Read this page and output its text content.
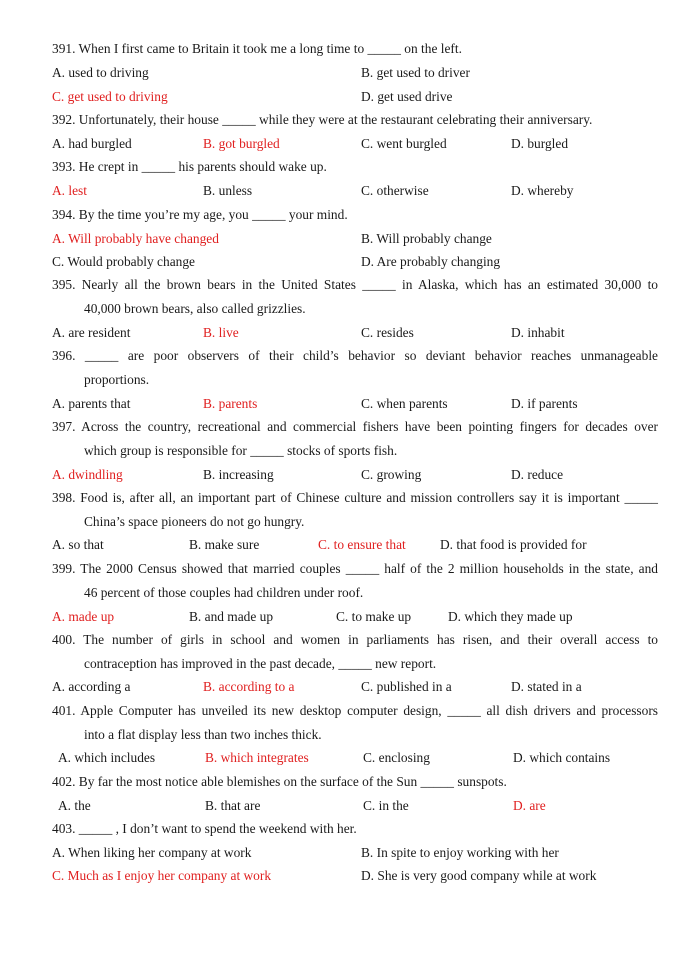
391. When I first came to Britain it took me a long time to _____ on the left.
A. used to driving	B. get used to driver
C. get used to driving	D. get used drive
392. Unfortunately, their house _____ while they were at the restaurant celebrating their anniversary.
A. had burgled	B. got burgled	C. went burgled	D. burgled
393. He crept in _____ his parents should wake up.
A. lest	B. unless	C. otherwise	D. whereby
394. By the time you’re my age, you _____ your mind.
A. Will probably have changed	B. Will probably change
C. Would probably change	D. Are probably changing
395. Nearly all the brown bears in the United States _____ in Alaska, which has an estimated 30,000 to
40,000 brown bears, also called grizzlies.
A. are resident	B. live	C. resides	D. inhabit
396. _____ are poor observers of their child’s behavior so deviant behavior reaches unmanageable
proportions.
A. parents that	B. parents	C. when parents	D. if parents
397. Across the country, recreational and commercial fishers have been pointing fingers for decades over
which group is responsible for _____ stocks of sports fish.
A. dwindling	B. increasing	C. growing	D. reduce
398. Food is, after all, an important part of Chinese culture and mission controllers say it is important _____
China’s space pioneers do not go hungry.
A. so that	B. make sure	C. to ensure that	D. that food is provided for
399. The 2000 Census showed that married couples _____ half of the 2 million households in the state, and
46 percent of those couples had children under roof.
A. made up	B. and made up	C. to make up	D. which they made up
400. The number of girls in school and women in parliaments has risen, and their overall access to
contraception has improved in the past decade, _____ new report.
A. according a	B. according to a	C. published in a	D. stated in a
401. Apple Computer has unveiled its new desktop computer design, _____ all dish drivers and processors
into a flat display less than two inches thick.
A. which includes	B. which integrates	C. enclosing	D. which contains
402. By far the most notice able blemishes on the surface of the Sun _____ sunspots.
A. the	B. that are	C. in the	D. are
403. _____ , I don’t want to spend the weekend with her.
A. When liking her company at work	B. In spite to enjoy working with her
C. Much as I enjoy her company at work	D. She is very good company while at work
